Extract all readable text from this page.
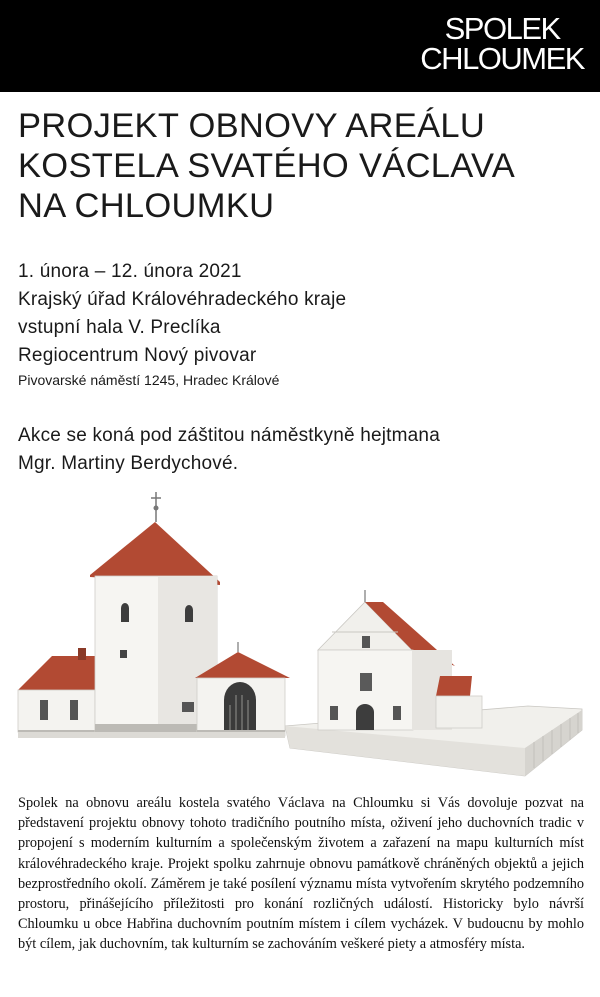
SPOLEK
CHLOUMEK
PROJEKT OBNOVY AREÁLU
KOSTELA SVATÉHO VÁCLAVA
NA CHLOUMKU
1. února – 12. února 2021
Krajský úřad Královéhradeckého kraje
vstupní hala V. Preclíka
Regiocentrum Nový pivovar
Pivovarské náměstí 1245, Hradec Králové
Akce se koná pod záštitou náměstkyně hejtmana
Mgr. Martiny Berdychové.

Spolek na obnovu areálu kostela svatého Václava na Chloumku si Vás dovoluje pozvat na představení projektu obnovy tohoto tradičního poutního místa, oživení jeho duchovních tradic v propojení s moderním kulturním a společenským životem a zařazení na mapu kulturních míst královéhradeckého kraje. Projekt spolku zahrnuje obnovu památkově chráněných objektů a jejich bezprostředního okolí. Záměrem je také posílení významu místa vytvořením skrytého podzemního prostoru, přinášejícího příležitosti pro konání rozličných událostí. Historicky bylo návrší Chloumku u obce Habřina duchovním poutním místem i cílem vycházek. V budoucnu by mohlo být cílem, jak duchovním, tak kulturním se zachováním veškeré piety a atmosféry místa.
